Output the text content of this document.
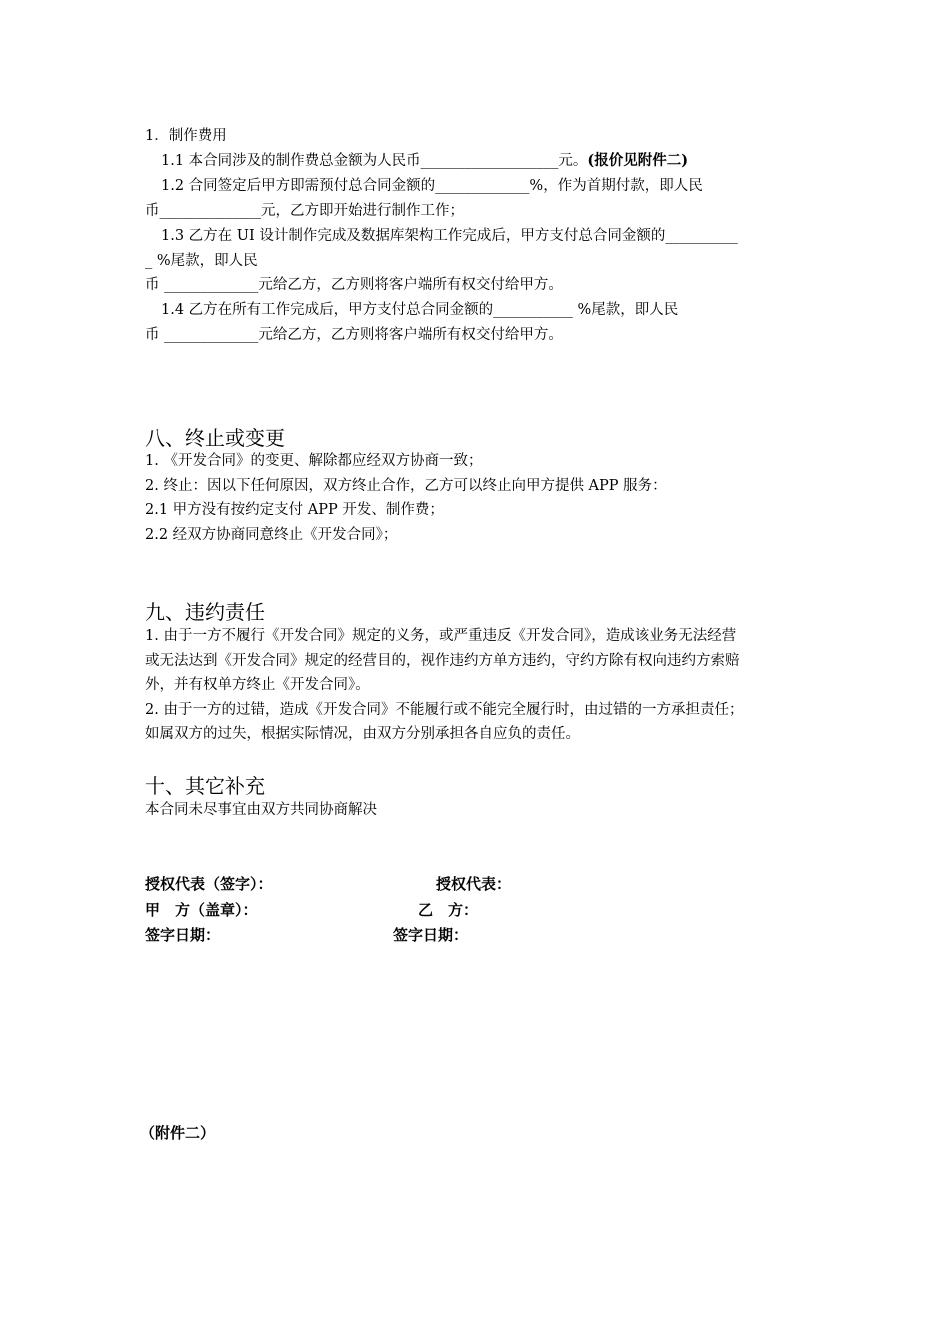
1．制作费用
1.1 本合同涉及的制作费总金额为人民币___________________元。(报价见附件二)
1.2 合同签定后甲方即需预付总合同金额的_____________%，作为首期付款，即人民
币______________元，乙方即开始进行制作工作；
1.3 乙方在 UI 设计制作完成及数据库架构工作完成后，甲方支付总合同金额的__________
_ %尾款，即人民
币 _____________元给乙方，乙方则将客户端所有权交付给甲方。
1.4 乙方在所有工作完成后，甲方支付总合同金额的___________ %尾款，即人民
币 _____________元给乙方，乙方则将客户端所有权交付给甲方。
八、终止或变更
1. 《开发合同》的变更、解除都应经双方协商一致；
2. 终止：因以下任何原因，双方终止合作，乙方可以终止向甲方提供 APP 服务：
2.1 甲方没有按约定支付 APP 开发、制作费；
2.2 经双方协商同意终止《开发合同》；
九、违约责任
1. 由于一方不履行《开发合同》规定的义务，或严重违反《开发合同》，造成该业务无法经营
或无法达到《开发合同》规定的经营目的，视作违约方单方违约，守约方除有权向违约方索赔
外，并有权单方终止《开发合同》。
2. 由于一方的过错，造成《开发合同》不能履行或不能完全履行时，由过错的一方承担责任；
如属双方的过失，根据实际情况，由双方分别承担各自应负的责任。
十、其它补充
本合同未尽事宜由双方共同协商解决
授权代表（签字）：	授权代表：
甲　方（盖章）：	乙　方：
签字日期：	签字日期：
（附件二）
